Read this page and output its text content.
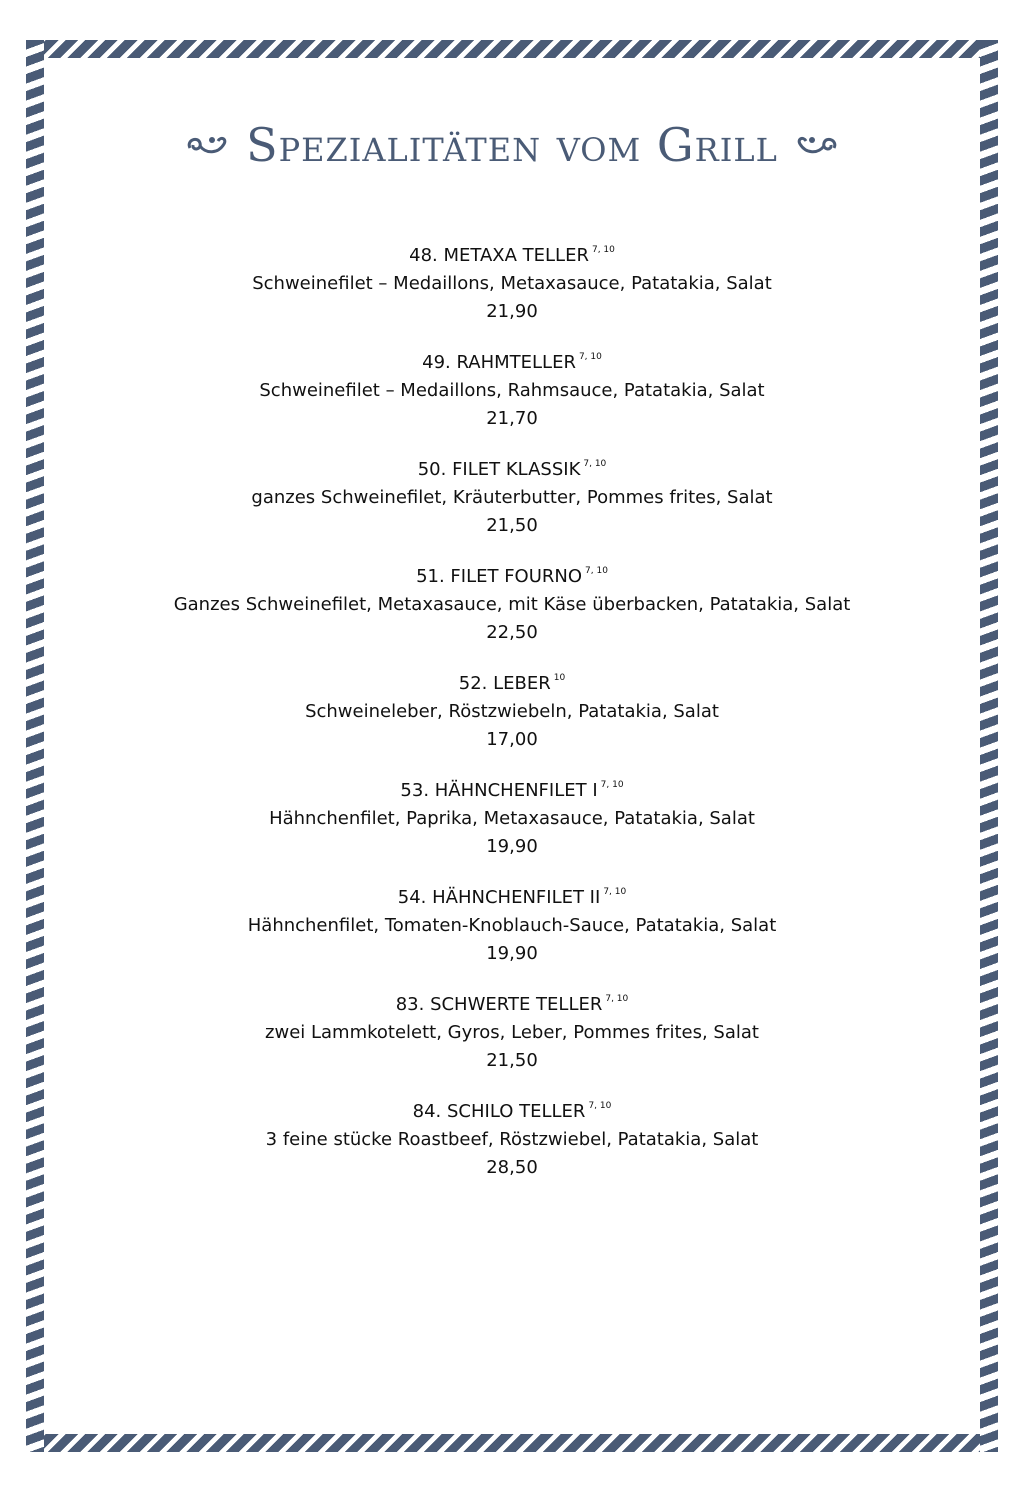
Spezialitäten vom Grill
48. METAXA TELLER $^{7, 10}$
Schweinefilet – Medaillons, Metaxasauce, Patatakia, Salat
21,90
49. RAHMTELLER $^{7, 10}$
Schweinefilet – Medaillons, Rahmsauce, Patatakia, Salat
21,70
50. FILET KLASSIK $^{7, 10}$
ganzes Schweinefilet, Kräuterbutter, Pommes frites, Salat
21,50
51. FILET FOURNO $^{7, 10}$
Ganzes Schweinefilet, Metaxasauce, mit Käse überbacken, Patatakia, Salat
22,50
52. LEBER $^{10}$
Schweineleber, Röstzwiebeln, Patatakia, Salat
17,00
53. HÄHNCHENFILET I $^{7, 10}$
Hähnchenfilet, Paprika, Metaxasauce, Patatakia, Salat
19,90
54. HÄHNCHENFILET II $^{7, 10}$
Hähnchenfilet, Tomaten-Knoblauch-Sauce, Patatakia, Salat
19,90
83. SCHWERTE TELLER $^{7, 10}$
zwei Lammkotelett, Gyros, Leber, Pommes frites, Salat
21,50
84. SCHILO TELLER $^{7, 10}$
3 feine stücke Roastbeef, Röstzwiebel, Patatakia, Salat
28,50
